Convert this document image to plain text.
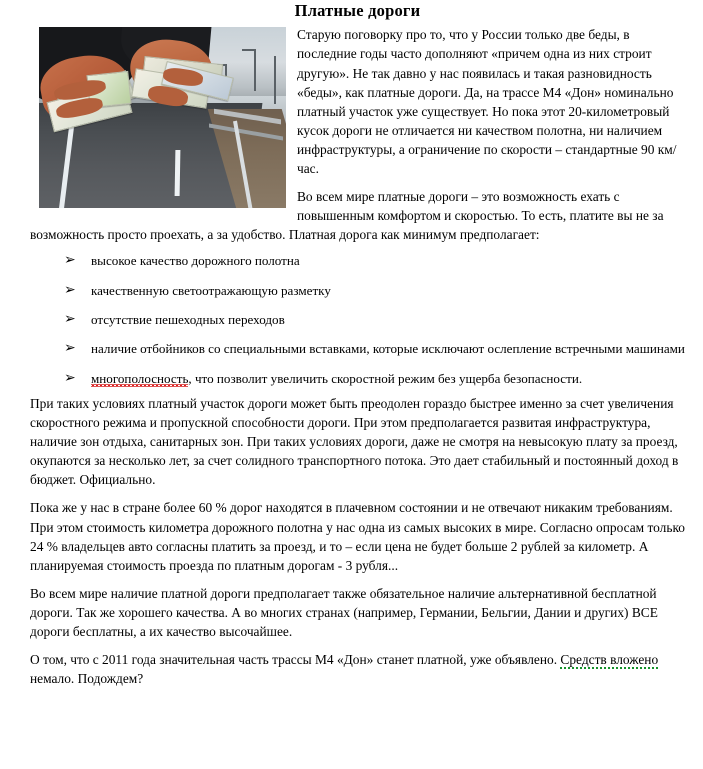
Платные дороги

Старую поговорку про то, что у России только две беды, в последние годы часто дополняют «причем одна из них строит другую». Не так давно у нас появилась и такая разновидность «беды», как платные дороги. Да, на трассе М4 «Дон» номинально платный участок уже существует. Но пока этот 20-километровый кусок дороги не отличается ни качеством полотна, ни наличием инфраструктуры, а ограничение по скорости – стандартные 90 км/час.

Во всем мире платные дороги – это возможность ехать с повышенным комфортом и скоростью. То есть, платите вы не за возможность просто проехать, а за удобство. Платная дорога как минимум предполагает:

➢ высокое качество дорожного полотна
➢ качественную светоотражающую разметку
➢ отсутствие пешеходных переходов
➢ наличие отбойников со специальными вставками, которые исключают ослепление встречными машинами
➢ многополосность, что позволит увеличить скоростной режим без ущерба безопасности.

При таких условиях платный участок дороги может быть преодолен гораздо быстрее именно за счет увеличения скоростного режима и пропускной способности дороги. При этом предполагается развитая инфраструктура, наличие зон отдыха, санитарных зон. При таких условиях дороги, даже не смотря на невысокую плату за проезд, окупаются за несколько лет, за счет солидного транспортного потока. Это дает стабильный и постоянный доход в бюджет. Официально.

Пока же у нас в стране более 60 % дорог находятся в плачевном состоянии и не отвечают никаким требованиям. При этом стоимость километра дорожного полотна у нас одна из самых высоких в мире. Согласно опросам только 24 % владельцев авто согласны платить за проезд, и то – если цена не будет больше 2 рублей за километр. А планируемая стоимость проезда по платным дорогам - 3 рубля...

Во всем мире наличие платной дороги предполагает также обязательное наличие альтернативной бесплатной дороги. Так же хорошего качества. А во многих странах (например, Германии, Бельгии, Дании и других) ВСЕ дороги бесплатны, а их качество высочайшее.

О том, что с 2011 года значительная часть трассы М4 «Дон» станет платной, уже объявлено. Средств вложено немало. Подождем?
